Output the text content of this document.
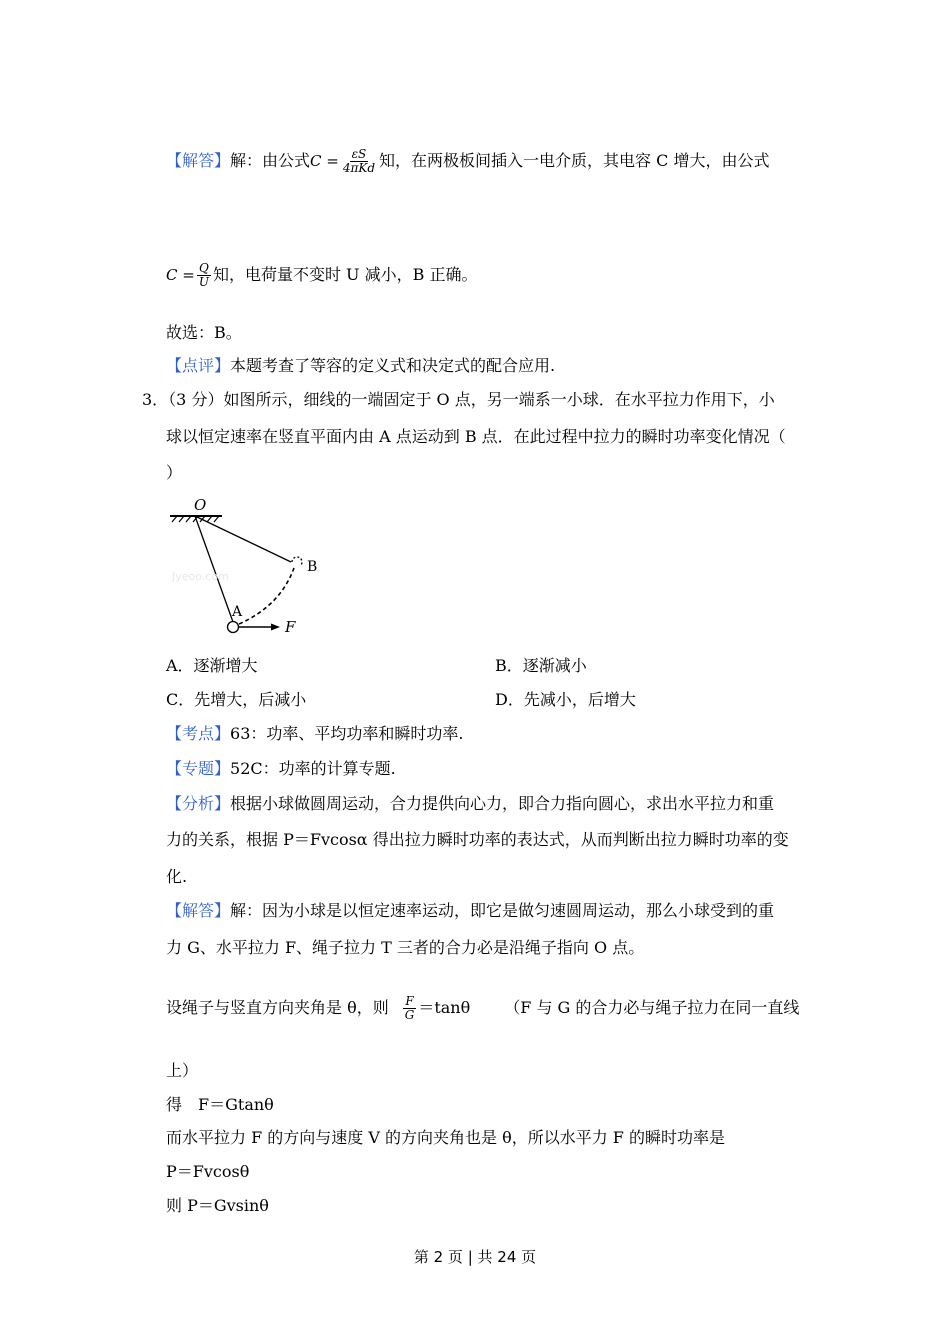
【解答】解：由公式$C = \frac{\varepsilon S}{\text{4πKd}}$ 知，在两极板间插入一电介质，其电容 C 增大，由公式
$C = \frac{Q}{U}$ 知，电荷量不变时 U 减小，B 正确。
故选：B。
【点评】本题考查了等容的定义式和决定式的配合应用.
3．（3 分）如图所示，细线的一端固定于 O 点，另一端系一小球．在水平拉力作用下，小
球以恒定速率在竖直平面内由 A 点运动到 B 点．在此过程中拉力的瞬时功率变化情况（
）
O
A
B
F
Jyeoo.com
A．逐渐增大	B．逐渐减小
C．先增大，后减小	D．先减小，后增大
【考点】63：功率、平均功率和瞬时功率.
【专题】52C：功率的计算专题.
【分析】根据小球做圆周运动，合力提供向心力，即合力指向圆心，求出水平拉力和重
力的关系，根据 P＝Fvcosα 得出拉力瞬时功率的表达式，从而判断出拉力瞬时功率的变
化.
【解答】解：因为小球是以恒定速率运动，即它是做匀速圆周运动，那么小球受到的重
力 G、水平拉力 F、绳子拉力 T 三者的合力必是沿绳子指向 O 点。
设绳子与竖直方向夹角是 θ，则 $\frac{F}{G} =\tan\theta$ （F 与 G 的合力必与绳子拉力在同一直线
上）
得　F＝Gtanθ
而水平拉力 F 的方向与速度 V 的方向夹角也是 θ，所以水平力 F 的瞬时功率是
P＝Fvcosθ
则 P＝Gvsinθ
第 2 页 | 共 24 页
